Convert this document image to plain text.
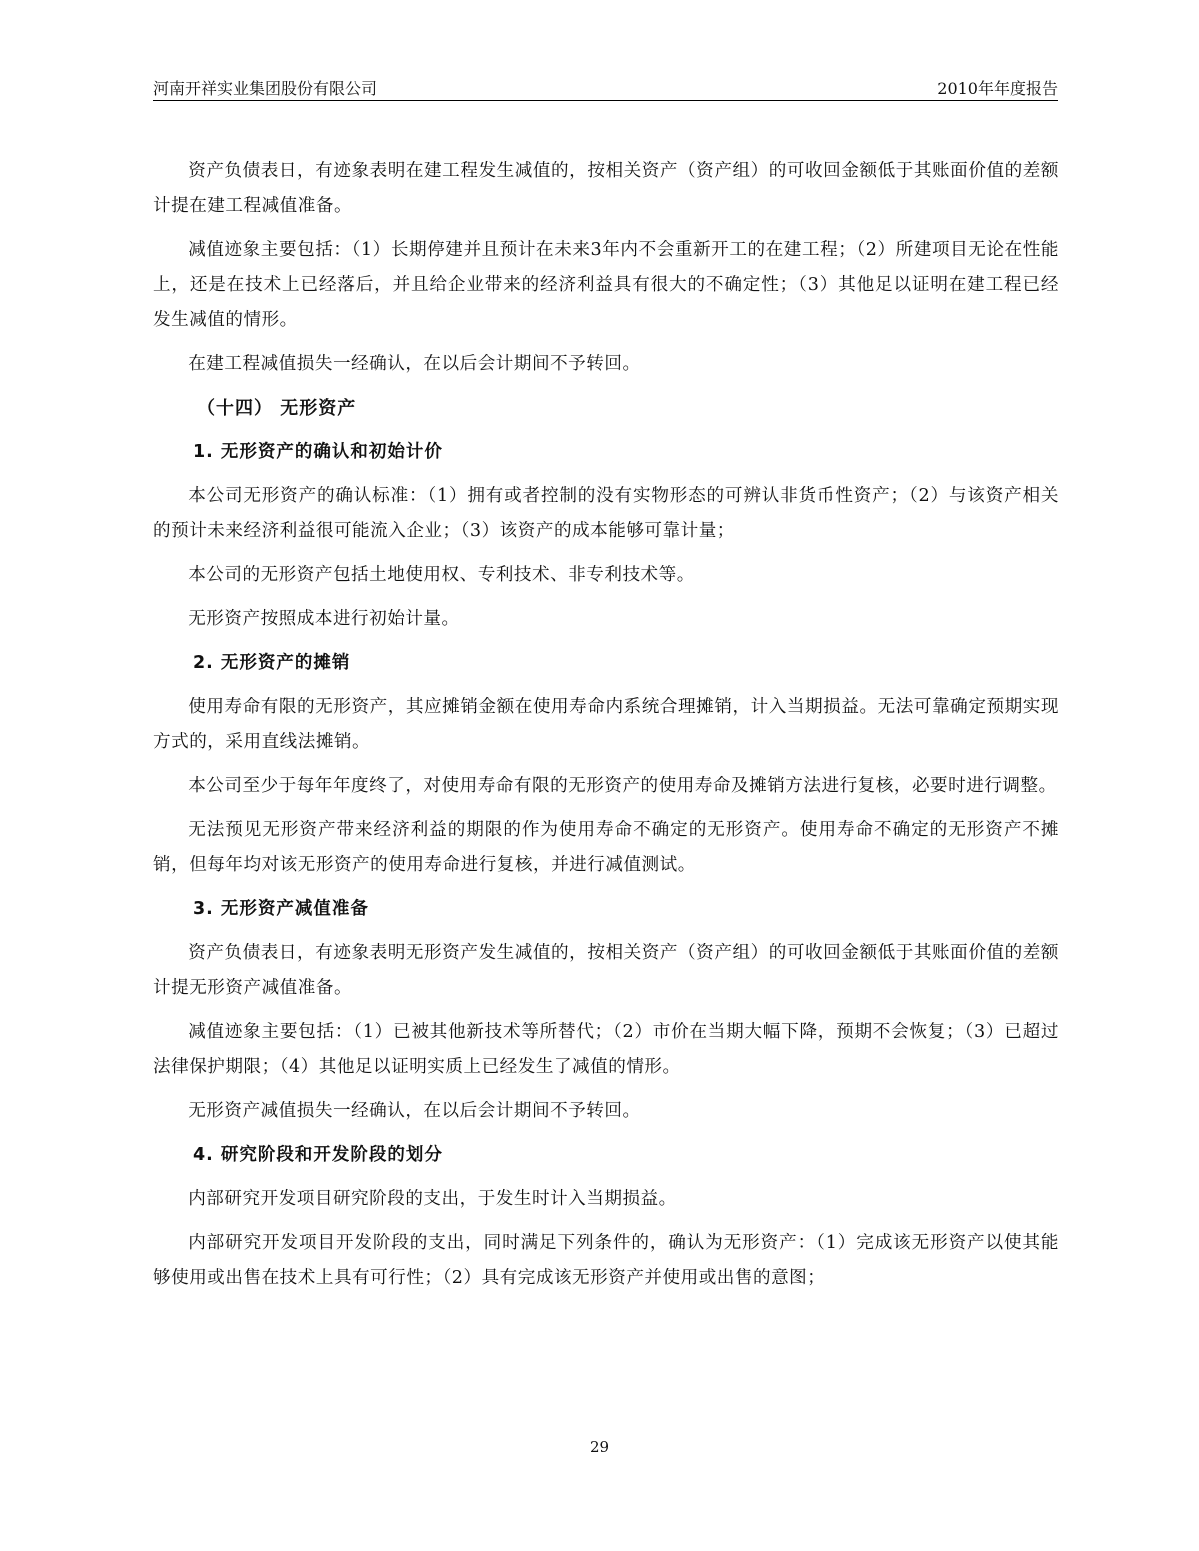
河南开祥实业集团股份有限公司	2010年年度报告

资产负债表日，有迹象表明在建工程发生减值的，按相关资产（资产组）的可收回金额低于其账面价值的差额计提在建工程减值准备。

减值迹象主要包括：（1）长期停建并且预计在未来3年内不会重新开工的在建工程；（2）所建项目无论在性能上，还是在技术上已经落后，并且给企业带来的经济利益具有很大的不确定性；（3）其他足以证明在建工程已经发生减值的情形。

在建工程减值损失一经确认，在以后会计期间不予转回。

（十四） 无形资产
1. 无形资产的确认和初始计价

本公司无形资产的确认标准：（1）拥有或者控制的没有实物形态的可辨认非货币性资产；（2）与该资产相关的预计未来经济利益很可能流入企业；（3）该资产的成本能够可靠计量；

本公司的无形资产包括土地使用权、专利技术、非专利技术等。

无形资产按照成本进行初始计量。

2. 无形资产的摊销

使用寿命有限的无形资产，其应摊销金额在使用寿命内系统合理摊销，计入当期损益。无法可靠确定预期实现方式的，采用直线法摊销。

本公司至少于每年年度终了，对使用寿命有限的无形资产的使用寿命及摊销方法进行复核，必要时进行调整。

无法预见无形资产带来经济利益的期限的作为使用寿命不确定的无形资产。使用寿命不确定的无形资产不摊销，但每年均对该无形资产的使用寿命进行复核，并进行减值测试。

3. 无形资产减值准备

资产负债表日，有迹象表明无形资产发生减值的，按相关资产（资产组）的可收回金额低于其账面价值的差额计提无形资产减值准备。

减值迹象主要包括：（1）已被其他新技术等所替代；（2）市价在当期大幅下降，预期不会恢复；（3）已超过法律保护期限；（4）其他足以证明实质上已经发生了减值的情形。

无形资产减值损失一经确认，在以后会计期间不予转回。

4. 研究阶段和开发阶段的划分

内部研究开发项目研究阶段的支出，于发生时计入当期损益。

内部研究开发项目开发阶段的支出，同时满足下列条件的，确认为无形资产：（1）完成该无形资产以使其能够使用或出售在技术上具有可行性；（2）具有完成该无形资产并使用或出售的意图；

29
